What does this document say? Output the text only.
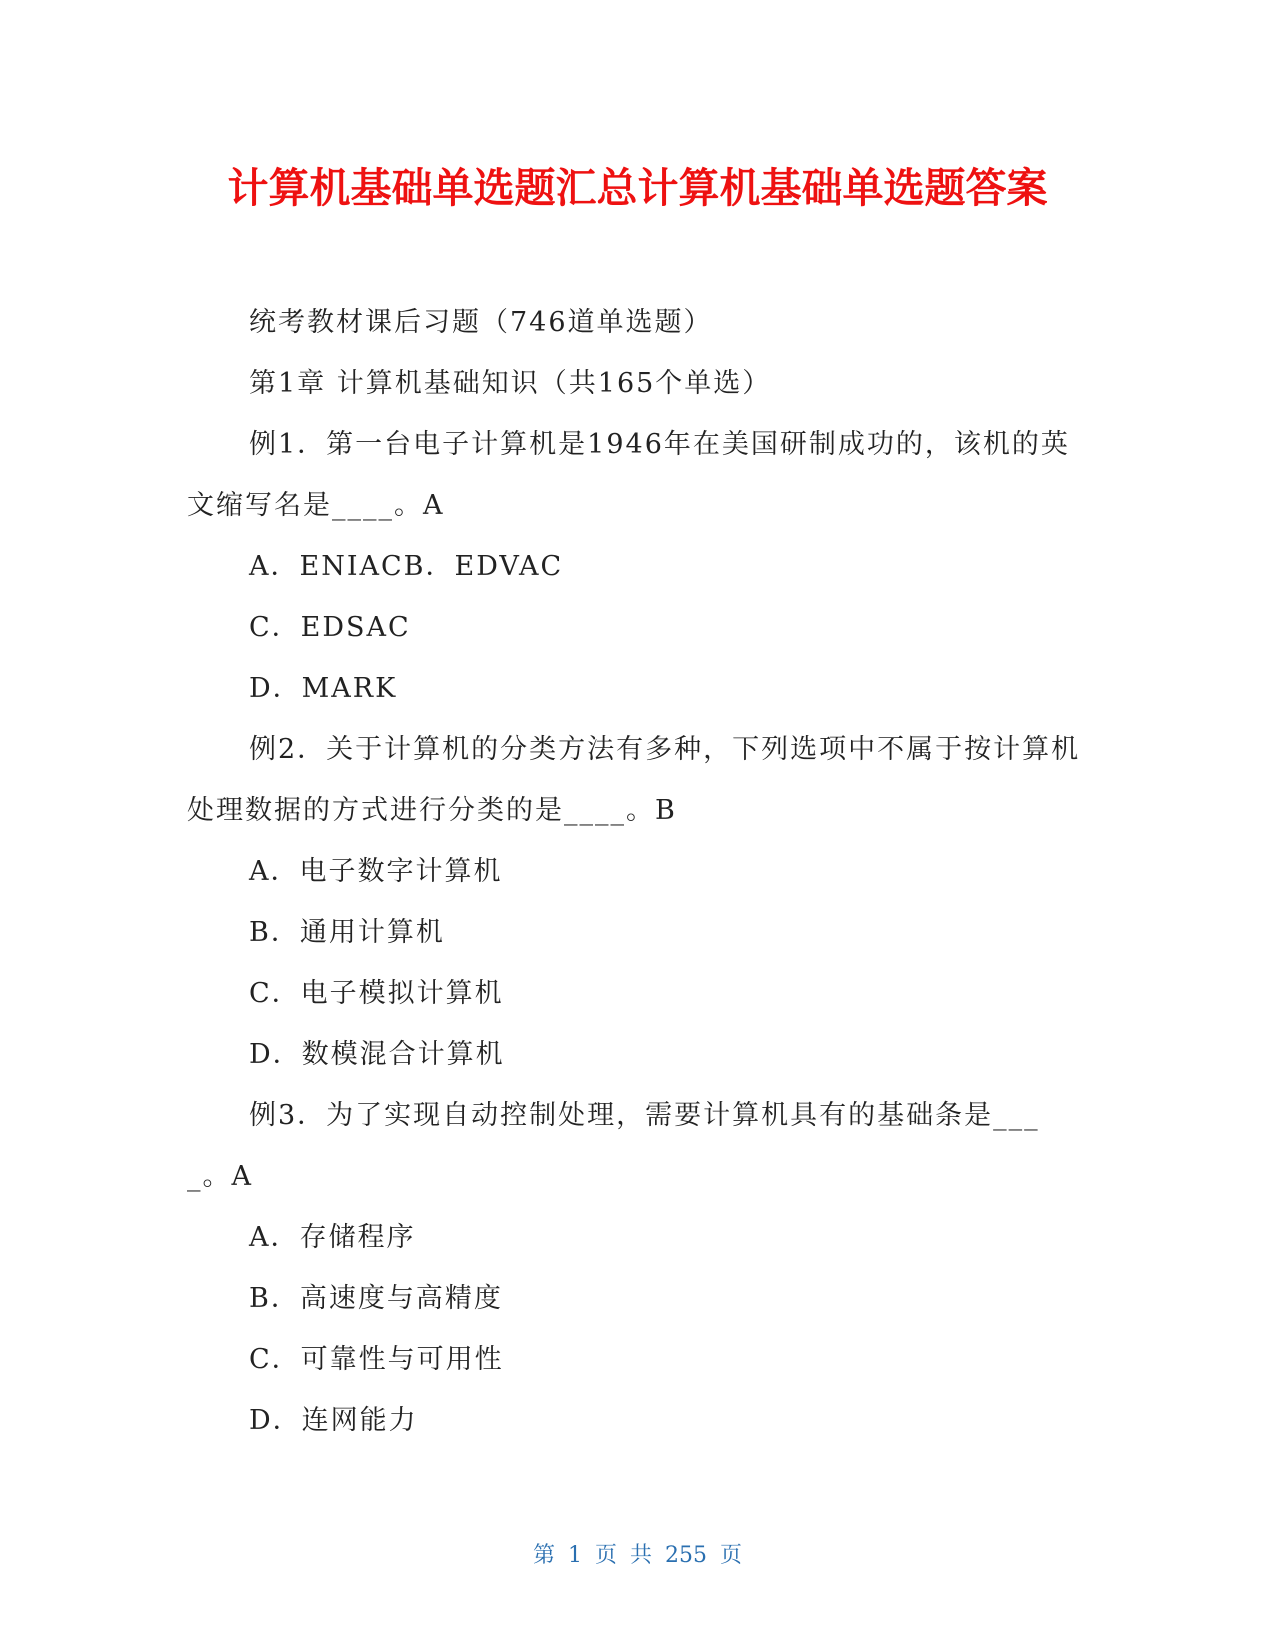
计算机基础单选题汇总计算机基础单选题答案

统考教材课后习题（746道单选题）

第1章 计算机基础知识（共165个单选）

例1．第一台电子计算机是1946年在美国研制成功的，该机的英文缩写名是____。A

A．ENIACB．EDVAC

C．EDSAC

D．MARK

例2．关于计算机的分类方法有多种，下列选项中不属于按计算机处理数据的方式进行分类的是____。B

A．电子数字计算机

B．通用计算机

C．电子模拟计算机

D．数模混合计算机

例3．为了实现自动控制处理，需要计算机具有的基础条是____。A

A．存储程序

B．高速度与高精度

C．可靠性与可用性

D．连网能力

第 1 页 共 255 页
